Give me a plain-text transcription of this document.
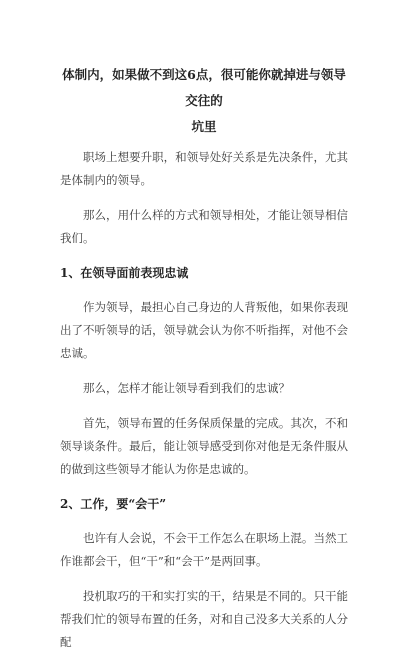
体制内，如果做不到这6点，很可能你就掉进与领导交往的
坑里

职场上想要升职，和领导处好关系是先决条件，尤其是体制内的领导。

那么，用什么样的方式和领导相处，才能让领导相信我们。

1、在领导面前表现忠诚

作为领导，最担心自己身边的人背叛他，如果你表现出了不听领导的话，领导就会认为你不听指挥，对他不会忠诚。

那么，怎样才能让领导看到我们的忠诚？

首先，领导布置的任务保质保量的完成。其次，不和领导谈条件。最后，能让领导感受到你对他是无条件服从的做到这些领导才能认为你是忠诚的。

2、工作，要“会干”

也许有人会说，不会干工作怎么在职场上混。当然工作谁都会干，但“干”和“会干”是两回事。

投机取巧的干和实打实的干，结果是不同的。只干能帮我们忙的领导布置的任务，对和自己没多大关系的人分配
